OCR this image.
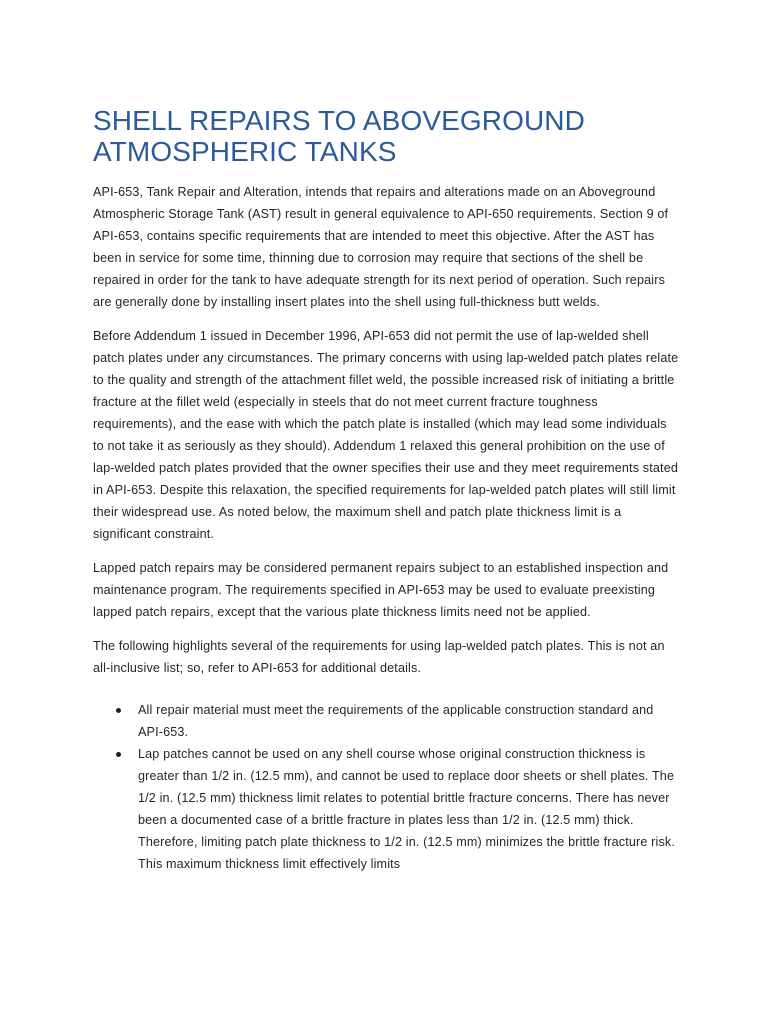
SHELL REPAIRS TO ABOVEGROUND ATMOSPHERIC TANKS

API-653, Tank Repair and Alteration, intends that repairs and alterations made on an Aboveground Atmospheric Storage Tank (AST) result in general equivalence to API-650 requirements. Section 9 of API-653, contains specific requirements that are intended to meet this objective. After the AST has been in service for some time, thinning due to corrosion may require that sections of the shell be repaired in order for the tank to have adequate strength for its next period of operation. Such repairs are generally done by installing insert plates into the shell using full-thickness butt welds.

Before Addendum 1 issued in December 1996, API-653 did not permit the use of lap-welded shell patch plates under any circumstances. The primary concerns with using lap-welded patch plates relate to the quality and strength of the attachment fillet weld, the possible increased risk of initiating a brittle fracture at the fillet weld (especially in steels that do not meet current fracture toughness requirements), and the ease with which the patch plate is installed (which may lead some individuals to not take it as seriously as they should). Addendum 1 relaxed this general prohibition on the use of lap-welded patch plates provided that the owner specifies their use and they meet requirements stated in API-653. Despite this relaxation, the specified requirements for lap-welded patch plates will still limit their widespread use. As noted below, the maximum shell and patch plate thickness limit is a significant constraint.

Lapped patch repairs may be considered permanent repairs subject to an established inspection and maintenance program. The requirements specified in API-653 may be used to evaluate preexisting lapped patch repairs, except that the various plate thickness limits need not be applied.

The following highlights several of the requirements for using lap-welded patch plates. This is not an all-inclusive list; so, refer to API-653 for additional details.

All repair material must meet the requirements of the applicable construction standard and API-653.
Lap patches cannot be used on any shell course whose original construction thickness is greater than 1/2 in. (12.5 mm), and cannot be used to replace door sheets or shell plates. The 1/2 in. (12.5 mm) thickness limit relates to potential brittle fracture concerns. There has never been a documented case of a brittle fracture in plates less than 1/2 in. (12.5 mm) thick. Therefore, limiting patch plate thickness to 1/2 in. (12.5 mm) minimizes the brittle fracture risk. This maximum thickness limit effectively limits
